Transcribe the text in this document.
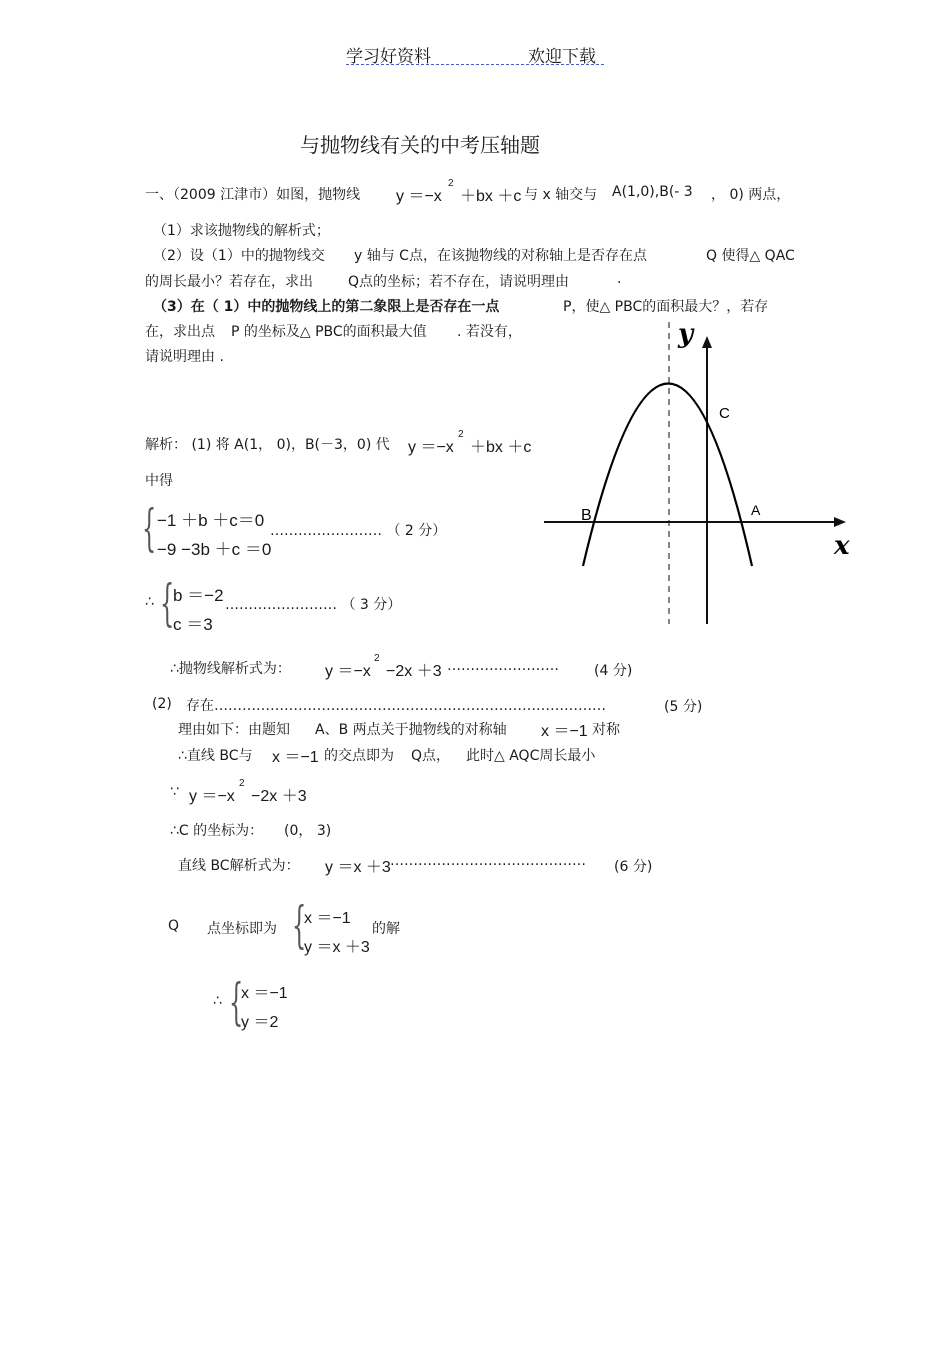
学习好资料	欢迎下载
与抛物线有关的中考压轴题
一、（2009 江津市）如图，抛物线 y ＝−x
2
＋bx ＋c 与 x 轴交与 A(1,0),B(- 3 ， 0) 两点，
（1）求该抛物线的解析式；
（2）设（1）中的抛物线交 y 轴与 C点，在该抛物线的对称轴上是否存在点	Q 使得△ QAC
的周长最小？若存在，求出	Q点的坐标；若不存在，请说明理由	.
（3）在（ 1）中的抛物线上的第二象限上是否存在一点	P，使△ PBC的面积最大？，若存
在，求出点 P 的坐标及△ PBC的面积最大值 . 若没有，
请说明理由 .
y
x
C
B	A
解析： (1) 将 A(1， 0)，B(－3，0) 代 y ＝−x
2
＋bx ＋c
中得
{ −1 ＋b ＋c＝0
−9 −3b ＋c ＝0
…………………… （ 2 分）
∴ {
b ＝−2
c ＝3
…………………… （ 3 分）
∴抛物线解析式为： y ＝−x
2
−2x ＋3 ……………………	(4 分)
(2) 存在…………………………………………………………………………	(5 分)
理由如下：由题知 A、B 两点关于抛物线的对称轴 x ＝−1 对称
∴直线 BC与 x ＝−1 的交点即为 Q点， 此时△ AQC周长最小
∵ y ＝−x
2
−2x ＋3
∴C 的坐标为： (0， 3)
直线 BC解析式为： y ＝x ＋3 …………………………………… (6 分)
Q 点坐标即为 {
x ＝−1
y ＝x ＋3
的解
∴ {
x ＝−1
y ＝2
